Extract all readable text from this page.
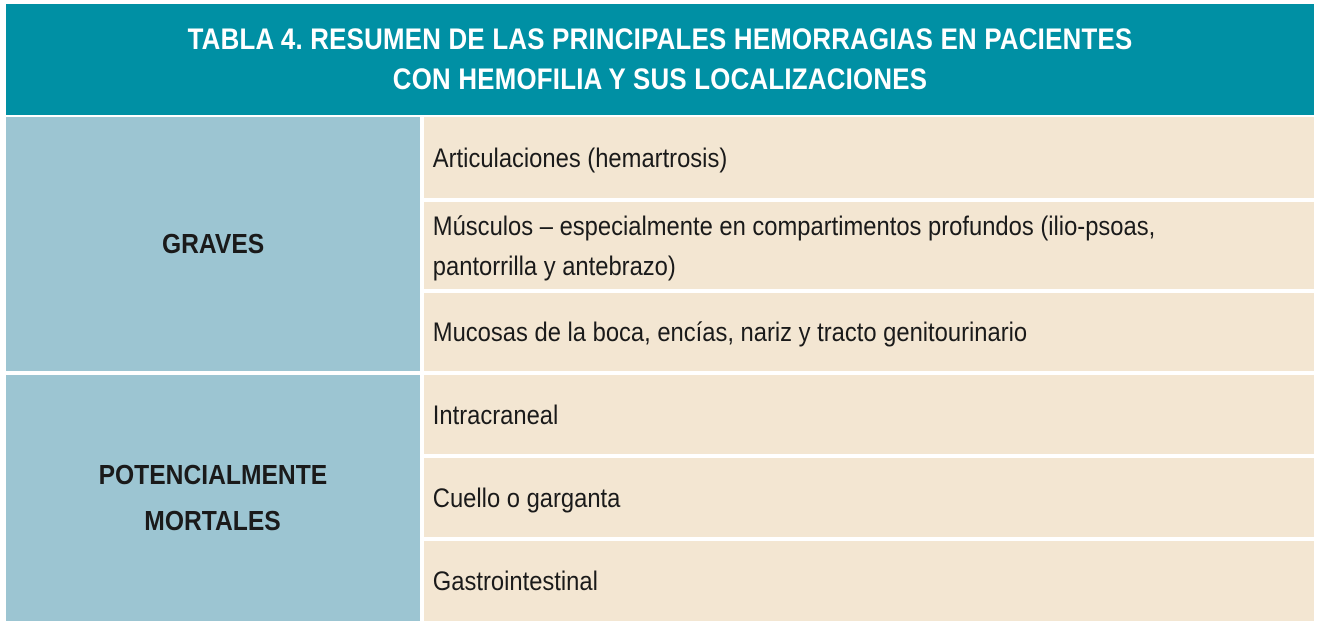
TABLA 4. RESUMEN DE LAS PRINCIPALES HEMORRAGIAS EN PACIENTES
CON HEMOFILIA Y SUS LOCALIZACIONES
GRAVES
Articulaciones (hemartrosis)
Músculos – especialmente en compartimentos profundos (ilio-psoas, pantorrilla y antebrazo)
Mucosas de la boca, encías, nariz y tracto genitourinario
POTENCIALMENTE
MORTALES
Intracraneal
Cuello o garganta
Gastrointestinal
